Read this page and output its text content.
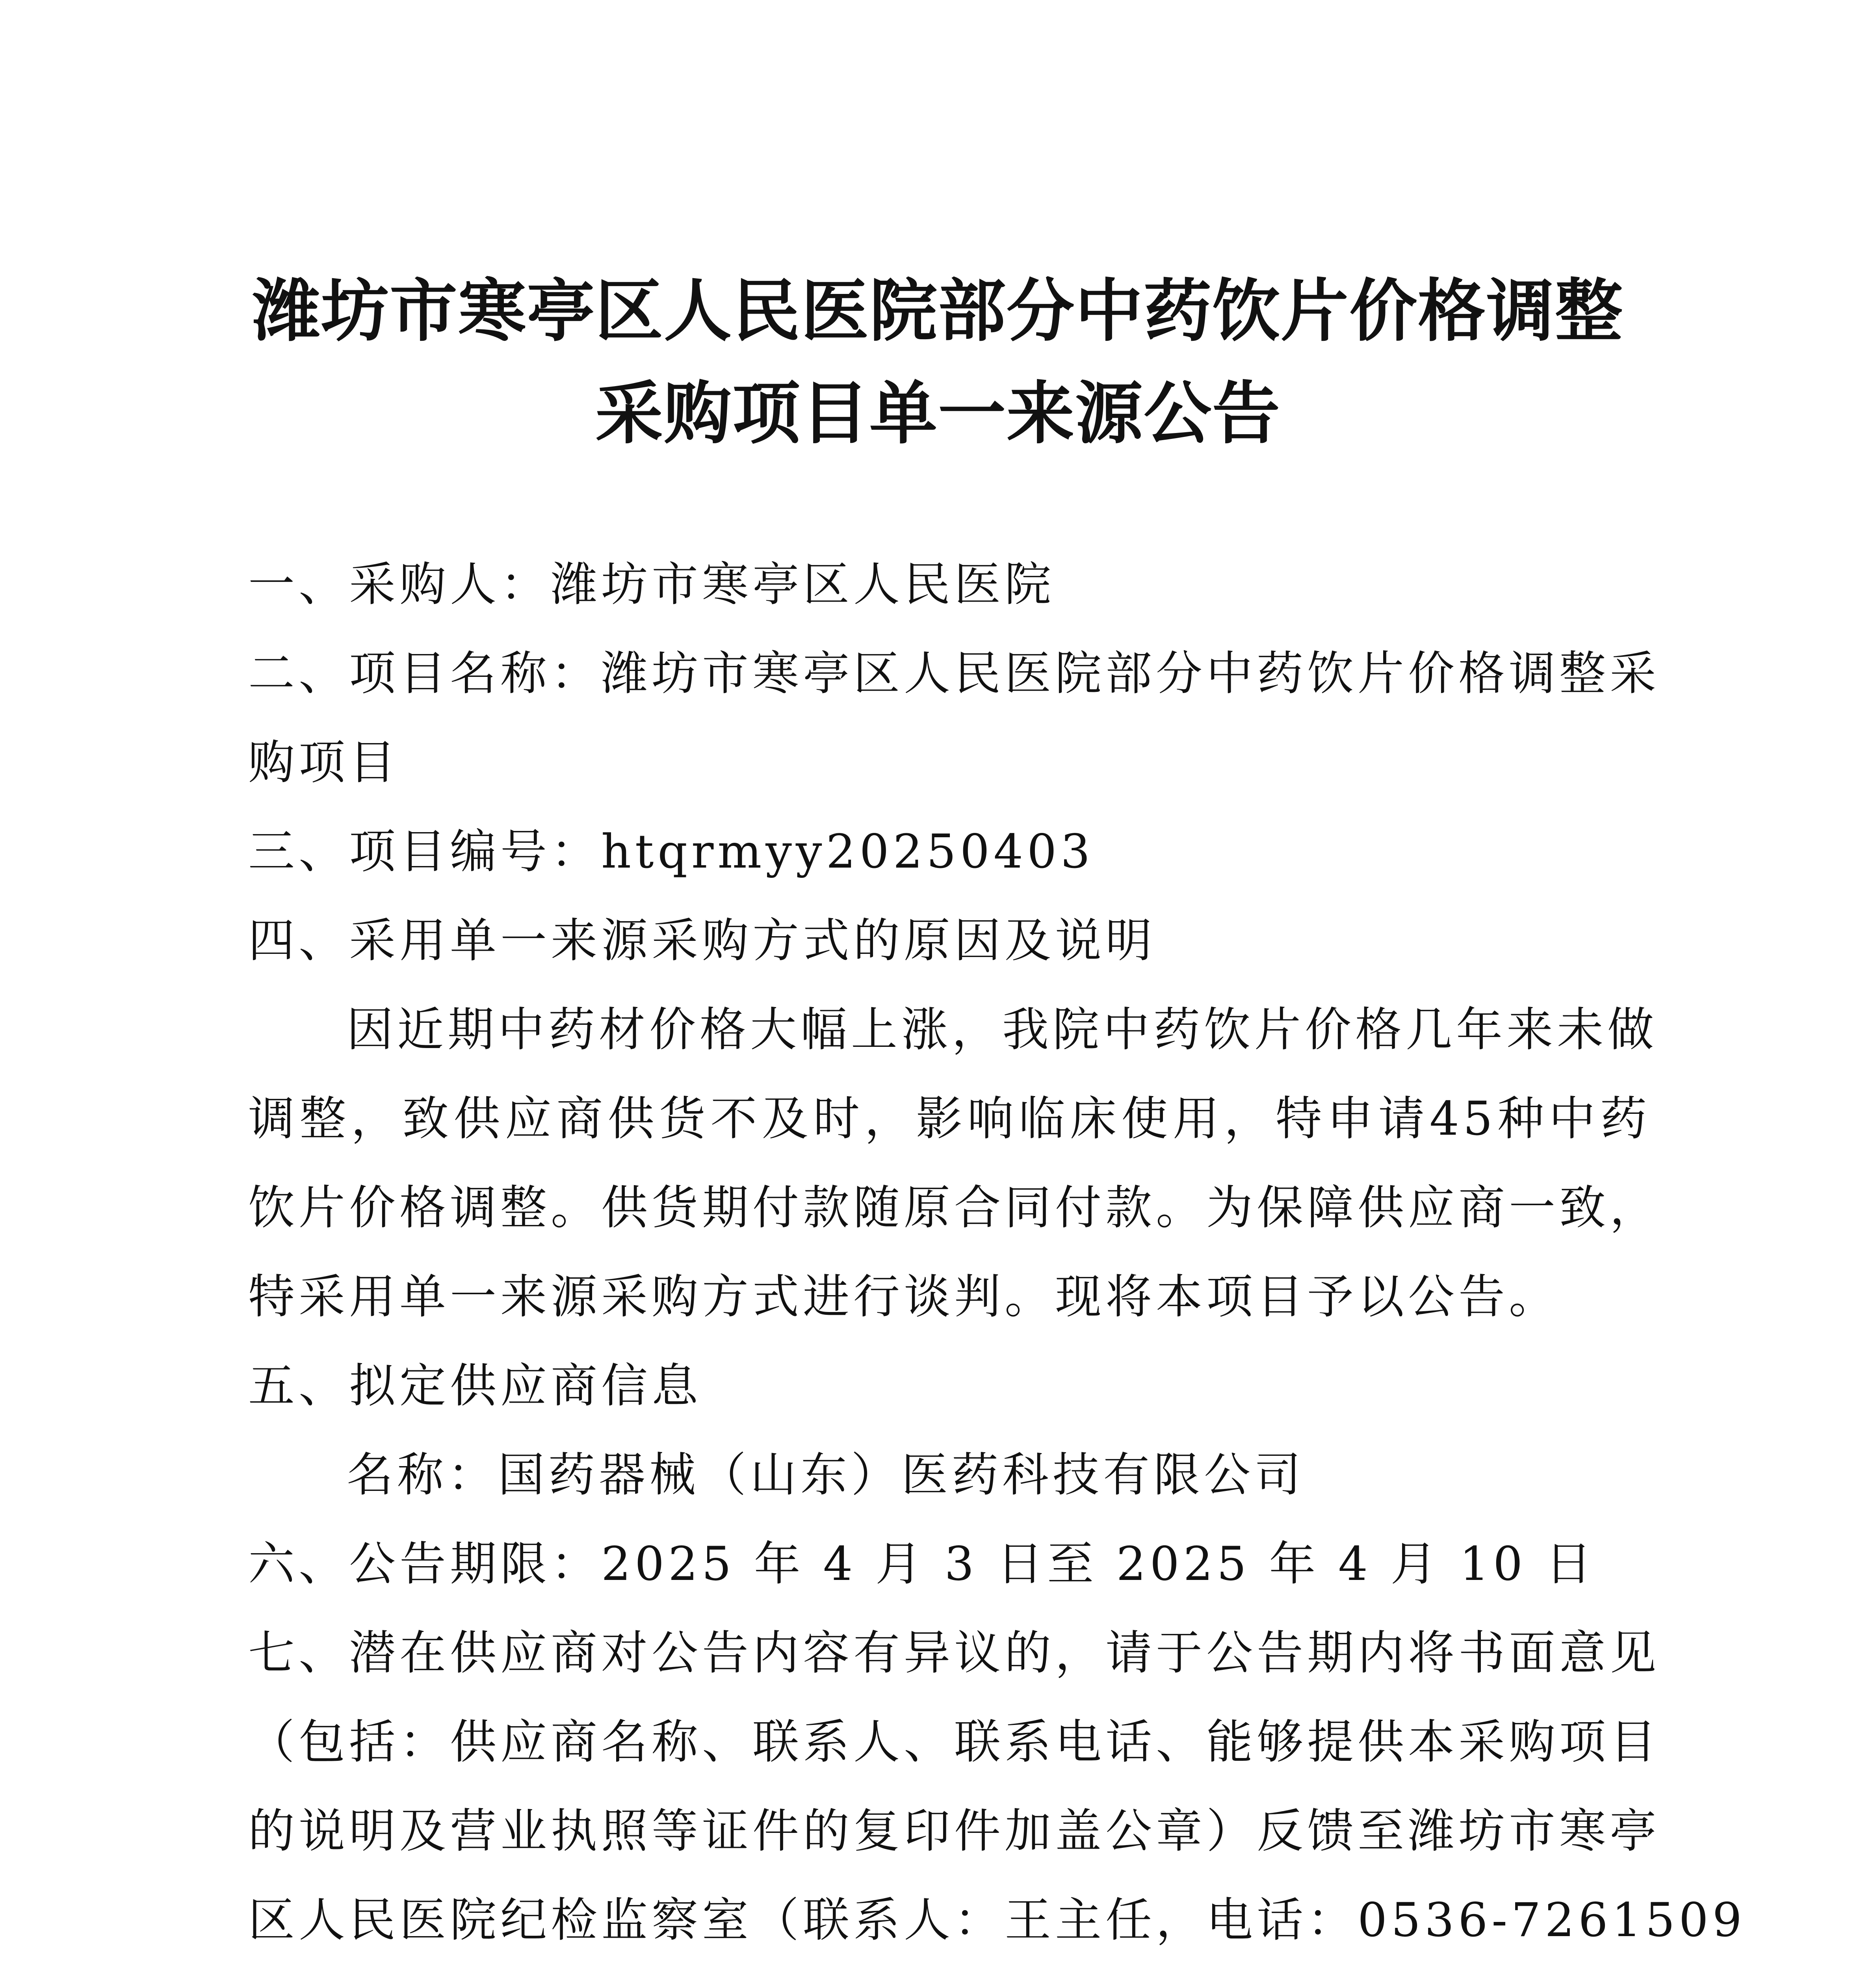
潍坊市寒亭区人民医院部分中药饮片价格调整
采购项目单一来源公告
一、采购人：潍坊市寒亭区人民医院
二、项目名称：潍坊市寒亭区人民医院部分中药饮片价格调整采
购项目
三、项目编号：htqrmyy20250403
四、采用单一来源采购方式的原因及说明
因近期中药材价格大幅上涨，我院中药饮片价格几年来未做
调整，致供应商供货不及时，影响临床使用，特申请45种中药
饮片价格调整。供货期付款随原合同付款。为保障供应商一致，
特采用单一来源采购方式进行谈判。现将本项目予以公告。
五、拟定供应商信息
名称：国药器械（山东）医药科技有限公司
六、公告期限：2025 年 4 月 3 日至 2025 年 4 月 10 日
七、潜在供应商对公告内容有异议的，请于公告期内将书面意见
（包括：供应商名称、联系人、联系电话、能够提供本采购项目
的说明及营业执照等证件的复印件加盖公章）反馈至潍坊市寒亭
区人民医院纪检监察室（联系人：王主任，电话：0536-7261509
